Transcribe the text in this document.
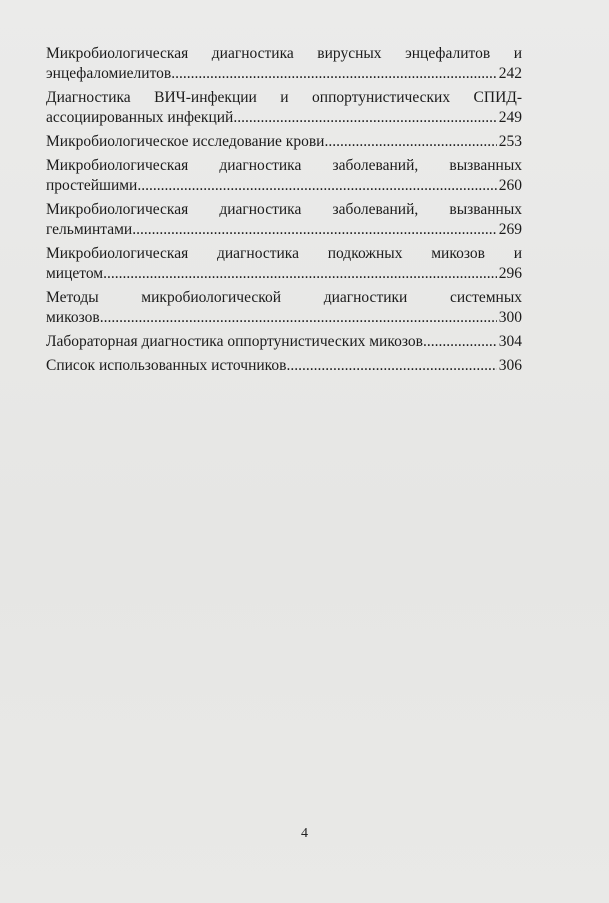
Микробиологическая диагностика вирусных энцефалитов и
энцефаломиелитов .....	242
Диагностика ВИЧ-инфекции и оппортунистических СПИД-
ассоциированных инфекций .....	249
Микробиологическое исследование крови .....	253
Микробиологическая диагностика заболеваний, вызванных
простейшими .....	260
Микробиологическая диагностика заболеваний, вызванных
гельминтами .....	269
Микробиологическая диагностика подкожных микозов и
мицетом .....	296
Методы микробиологической диагностики системных
микозов .....	300
Лабораторная диагностика оппортунистических микозов .....	304
Список использованных источников .....	306
4
